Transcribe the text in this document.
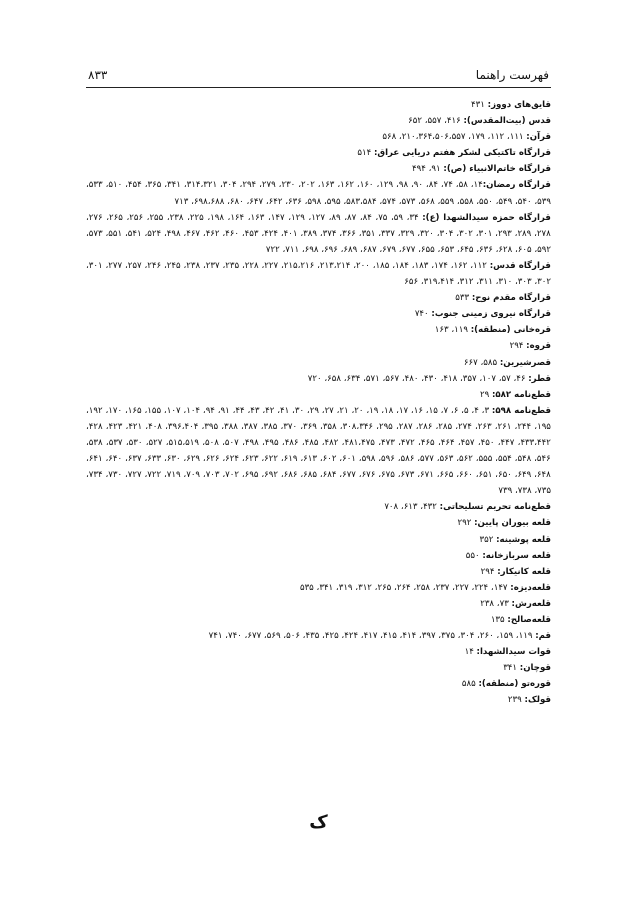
فهرست راهنما
۸۳۳
قایق‌های دووز: ۴۳۱
قدس (بیت‌المقدس): ۴۱۶، ۵۵۷، ۶۵۲
قرآن: ۱۱۱، ۱۱۲، ۱۷۹، ۲۱۰،۳۶۴،۵۰۶،۵۵۷، ۵۶۸
قرارگاه تاکتیکی لشکر هفتم دریایی عراق: ۵۱۴
قرارگاه خاتم‌الانبیاء (ص): ۹۱، ۴۹۴
قرارگاه رمضان:۱۴، ۵۸، ۷۴، ۸۴، ۹۰، ۹۸، ۱۲۹، ۱۶۰، ۱۶۲، ۱۶۳، ۲۰۲، ۲۳۰، ۲۷۹، ۲۹۴، ۳۰۴، ۳۱۴،۳۲۱، ۳۴۱، ۳۶۵، ۴۵۴، ۵۱۰، ۵۳۳، ۵۳۹، ۵۴۰، ۵۴۹، ۵۵۰، ۵۵۸، ۵۵۹، ۵۶۸، ۵۷۳، ۵۷۴، ۵۸۳،۵۸۴، ۵۹۵، ۵۹۸، ۶۳۶، ۶۴۲، ۶۴۷، ۶۸۰، ۶۹۸،۶۸۸، ۷۱۳
قرارگاه حمزه سیدالشهدا (ع): ۳۴، ۵۹، ۷۵، ۸۴، ۸۷، ۸۹، ۱۲۷، ۱۲۹، ۱۴۷، ۱۶۳، ۱۶۴، ۱۹۸، ۲۲۵، ۲۳۸، ۲۵۵، ۲۵۶، ۲۶۵، ۲۷۶، ۲۷۸، ۲۸۹، ۲۹۳، ۳۰۱، ۳۰۲، ۳۰۴، ۳۲۰، ۳۲۹، ۳۳۷، ۳۵۱، ۳۶۶، ۳۷۴، ۳۸۹، ۴۰۱، ۴۲۴، ۴۵۳، ۴۶۰، ۴۶۲، ۴۶۷، ۴۹۸، ۵۲۴، ۵۴۱، ۵۵۱، ۵۷۳، ۵۹۲، ۶۰۵، ۶۲۸، ۶۳۶، ۶۴۵، ۶۵۳، ۶۵۵، ۶۷۷، ۶۷۹، ۶۸۷، ۶۸۹، ۶۹۶، ۶۹۸، ۷۱۱، ۷۲۲
قرارگاه قدس: ۱۱۲، ۱۶۲، ۱۷۴، ۱۸۳، ۱۸۴، ۱۸۵، ۲۰۰، ۲۱۳،۲۱۴، ۲۱۵،۲۱۶، ۲۲۷، ۲۲۸، ۲۳۵، ۲۳۷، ۲۳۸، ۲۴۵، ۲۴۶، ۲۵۷، ۲۷۷، ۳۰۱، ۳۰۲، ۳۰۳، ۳۱۰، ۳۱۱، ۳۱۲، ۳۱۹،۴۱۴، ۶۵۶
قرارگاه مقدم نوح: ۵۳۳
قرارگاه نیروی زمینی جنوب: ۷۴۰
قره‌خانی (منطقه): ۱۱۹، ۱۶۳
قروه: ۲۹۴
قصرشیرین: ۵۸۵، ۶۶۷
قطر: ۴۶، ۵۷، ۱۰۷، ۳۵۷، ۴۱۸، ۴۳۰، ۴۸۰، ۵۶۷، ۵۷۱، ۶۳۴، ۶۵۸، ۷۲۰
قطع‌نامه ۵۸۲: ۲۹
قطع‌نامه ۵۹۸: ۳، ۴، ۵، ۶، ۷، ۱۵، ۱۶، ۱۷، ۱۸، ۱۹، ۲۰، ۲۱، ۲۷، ۲۹، ۳۰، ۴۱، ۴۲، ۴۳، ۴۴، ۹۱، ۹۴، ۱۰۴، ۱۰۷، ۱۵۵، ۱۶۵، ۱۷۰، ۱۹۲، ۱۹۵، ۲۴۴، ۲۶۱، ۲۶۳، ۲۷۴، ۲۸۵، ۲۸۶، ۲۸۷، ۲۹۵، ۳۰۸،۳۴۶، ۳۵۸، ۳۶۹، ۳۷۰، ۳۸۵، ۳۸۷، ۳۸۸، ۳۹۵، ۳۹۶،۴۰۴، ۴۰۸، ۴۲۱، ۴۲۳، ۴۲۸، ۴۳۳،۴۴۲، ۴۴۷، ۴۵۰، ۴۵۷، ۴۶۴، ۴۶۵، ۴۷۲، ۴۷۳، ۴۸۱،۴۷۵، ۴۸۲، ۴۸۵، ۴۸۶، ۴۹۵، ۴۹۸، ۵۰۷، ۵۰۸، ۵۱۵،۵۱۹، ۵۲۷، ۵۳۰، ۵۳۷، ۵۳۸، ۵۴۶، ۵۴۸، ۵۵۴، ۵۵۵، ۵۶۲، ۵۶۳، ۵۷۷، ۵۸۶، ۵۹۶، ۵۹۸، ۶۰۱، ۶۰۲، ۶۱۳، ۶۱۹، ۶۲۲، ۶۲۳، ۶۲۴، ۶۲۶، ۶۲۹، ۶۳۰، ۶۳۳، ۶۳۷، ۶۴۰، ۶۴۱، ۶۴۸، ۶۴۹، ۶۵۰، ۶۵۱، ۶۶۰، ۶۶۵، ۶۷۱، ۶۷۳، ۶۷۵، ۶۷۶، ۶۷۷، ۶۸۴، ۶۸۵، ۶۸۶، ۶۹۲، ۶۹۵، ۷۰۲، ۷۰۳، ۷۰۹، ۷۱۹، ۷۲۲، ۷۲۷، ۷۳۰، ۷۳۴، ۷۳۵، ۷۳۸، ۷۳۹
قطع‌نامه تحریم تسلیحاتی: ۴۳۲، ۶۱۳، ۷۰۸
قلعه بیوران پایین: ۲۹۲
قلعه پوشینه: ۳۵۲
قلعه سربازخانه: ۵۵۰
قلعه کانیکار: ۲۹۴
قلعه‌دیزه: ۱۴۷، ۲۲۴، ۲۲۷، ۲۳۷، ۲۵۸، ۲۶۴، ۲۶۵، ۳۱۲، ۳۱۹، ۳۴۱، ۵۳۵
قلعه‌رش: ۷۳، ۲۳۸
قلعه‌صالح: ۱۳۵
قم: ۱۱۹، ۱۵۹، ۲۶۰، ۳۰۴، ۳۷۵، ۳۹۷، ۴۱۴، ۴۱۵، ۴۱۷، ۴۲۴، ۴۲۵، ۴۳۵، ۵۰۶، ۵۶۹، ۶۷۷، ۷۴۰، ۷۴۱
قوات سیدالشهدا: ۱۴
قوچان: ۳۴۱
قوره‌تو (منطقه): ۵۸۵
قولک: ۲۳۹
ک
